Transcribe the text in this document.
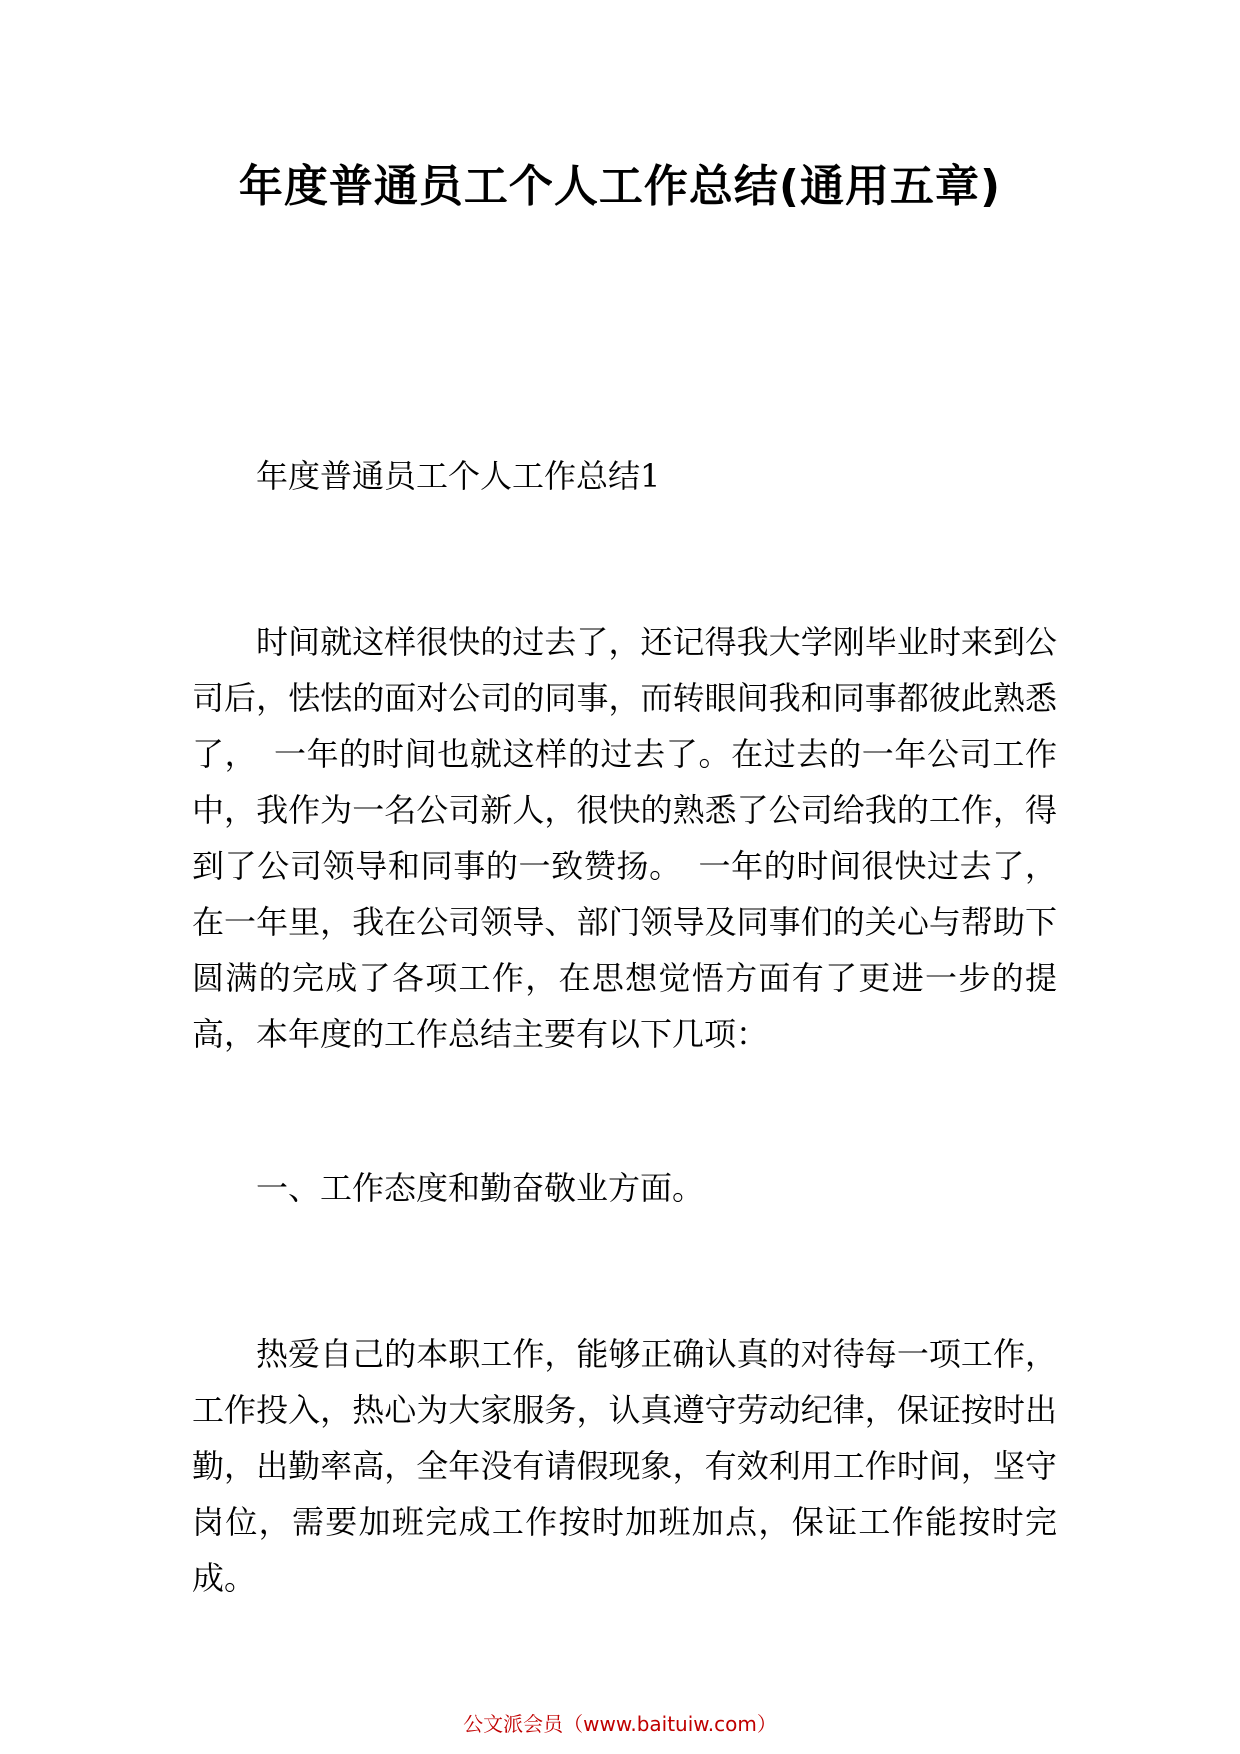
年度普通员工个人工作总结(通用五章)

年度普通员工个人工作总结1

时间就这样很快的过去了，还记得我大学刚毕业时来到公司后，怯怯的面对公司的同事，而转眼间我和同事都彼此熟悉了，　一年的时间也就这样的过去了。在过去的一年公司工作中，我作为一名公司新人，很快的熟悉了公司给我的工作，得到了公司领导和同事的一致赞扬。　一年的时间很快过去了，在一年里，我在公司领导、部门领导及同事们的关心与帮助下圆满的完成了各项工作，在思想觉悟方面有了更进一步的提高，本年度的工作总结主要有以下几项：

一、工作态度和勤奋敬业方面。

热爱自己的本职工作，能够正确认真的对待每一项工作，工作投入，热心为大家服务，认真遵守劳动纪律，保证按时出勤，出勤率高，全年没有请假现象，有效利用工作时间，坚守岗位，需要加班完成工作按时加班加点，保证工作能按时完成。

公文派会员（www.baituiw.com）
